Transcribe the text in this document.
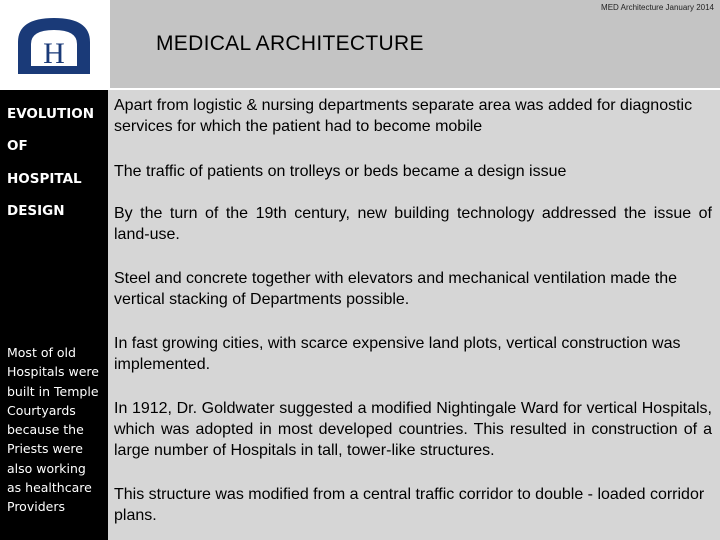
H
MED Architecture January 2014
MEDICAL ARCHITECTURE
EVOLUTION
OF
HOSPITAL
DESIGN
Most of old Hospitals were built in Temple Courtyards because the Priests were also working as healthcare Providers
Apart from logistic & nursing departments separate area was added for diagnostic services for which the patient had to become mobile
The traffic of patients on trolleys or beds became a design issue
By the turn of the 19th century, new building technology addressed the issue of land-use.
Steel and concrete together with elevators and mechanical ventilation made the vertical stacking of Departments possible.
In fast growing cities, with scarce expensive land plots, vertical construction was implemented.
In 1912, Dr. Goldwater suggested a modified Nightingale Ward for vertical Hospitals, which was adopted in most developed countries. This resulted in construction of a large number of Hospitals in tall, tower-like structures.
This structure was modified from a central traffic corridor to double - loaded corridor plans.
